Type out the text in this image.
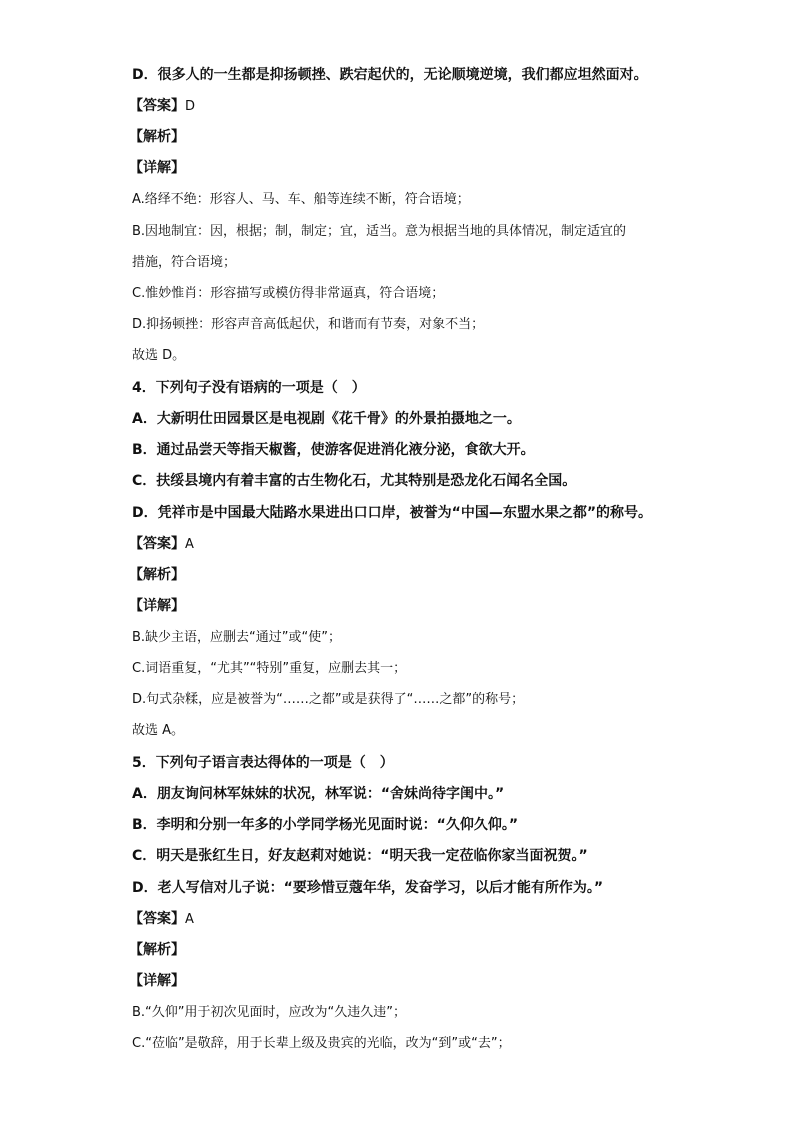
D．很多人的一生都是抑扬顿挫、跌宕起伏的，无论顺境逆境，我们都应坦然面对。
【答案】D
【解析】
【详解】
A.络绎不绝：形容人、马、车、船等连续不断，符合语境；
B.因地制宜：因，根据；制，制定；宜，适当。意为根据当地的具体情况，制定适宜的
措施，符合语境；
C.惟妙惟肖：形容描写或模仿得非常逼真，符合语境；
D.抑扬顿挫：形容声音高低起伏，和谐而有节奏，对象不当；
故选 D。
4．下列句子没有语病的一项是（　）
A．大新明仕田园景区是电视剧《花千骨》的外景拍摄地之一。
B．通过品尝天等指天椒酱，使游客促进消化液分泌，食欲大开。
C．扶绥县境内有着丰富的古生物化石，尤其特别是恐龙化石闻名全国。
D．凭祥市是中国最大陆路水果进出口口岸，被誉为“中国—东盟水果之都”的称号。
【答案】A
【解析】
【详解】
B.缺少主语，应删去“通过”或“使”；
C.词语重复，“尤其”“特别”重复，应删去其一；
D.句式杂糅，应是被誉为“……之都”或是获得了“……之都”的称号；
故选 A。
5．下列句子语言表达得体的一项是（　）
A．朋友询问林军妹妹的状况，林军说：“舍妹尚待字闺中。”
B．李明和分别一年多的小学同学杨光见面时说：“久仰久仰。”
C．明天是张红生日，好友赵莉对她说：“明天我一定莅临你家当面祝贺。”
D．老人写信对儿子说：“要珍惜豆蔻年华，发奋学习，以后才能有所作为。”
【答案】A
【解析】
【详解】
B.“久仰”用于初次见面时，应改为“久违久违”；
C.“莅临”是敬辞，用于长辈上级及贵宾的光临，改为“到”或“去”；
